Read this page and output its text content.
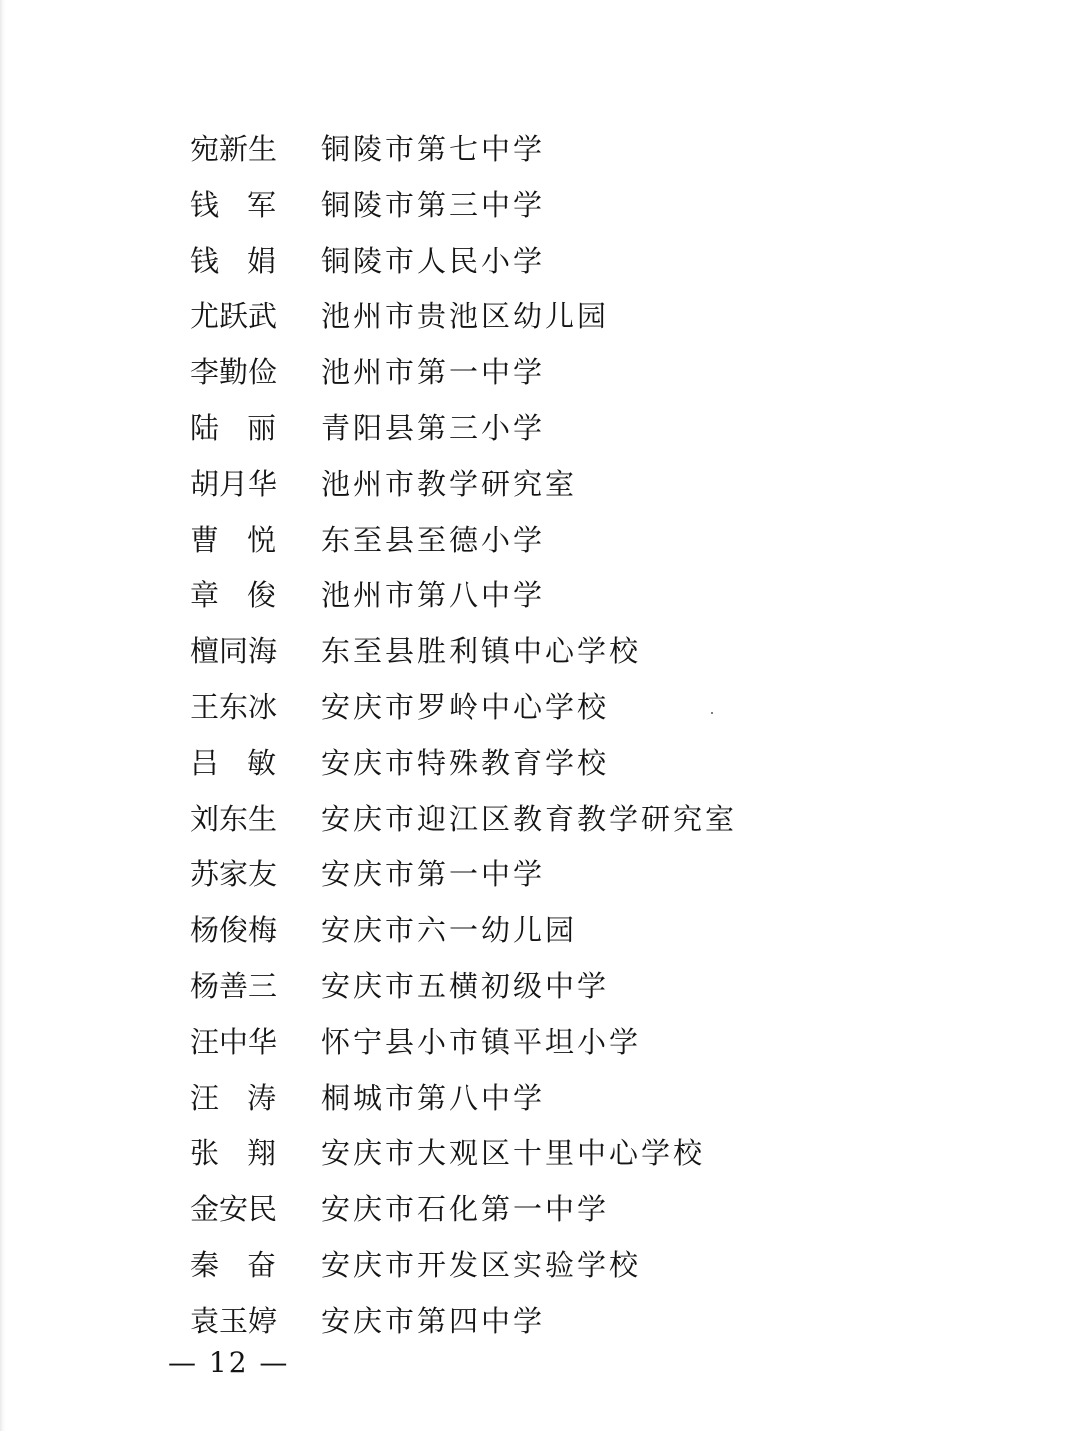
宛新生 铜陵市第七中学
钱军 铜陵市第三中学
钱娟 铜陵市人民小学
尤跃武 池州市贵池区幼儿园
李勤俭 池州市第一中学
陆丽 青阳县第三小学
胡月华 池州市教学研究室
曹悦 东至县至德小学
章俊 池州市第八中学
檀同海 东至县胜利镇中心学校
王东冰 安庆市罗岭中心学校
吕敏 安庆市特殊教育学校
刘东生 安庆市迎江区教育教学研究室
苏家友 安庆市第一中学
杨俊梅 安庆市六一幼儿园
杨善三 安庆市五横初级中学
汪中华 怀宁县小市镇平坦小学
汪涛 桐城市第八中学
张翔 安庆市大观区十里中心学校
金安民 安庆市石化第一中学
秦奋 安庆市开发区实验学校
袁玉婷 安庆市第四中学
— 12 —
